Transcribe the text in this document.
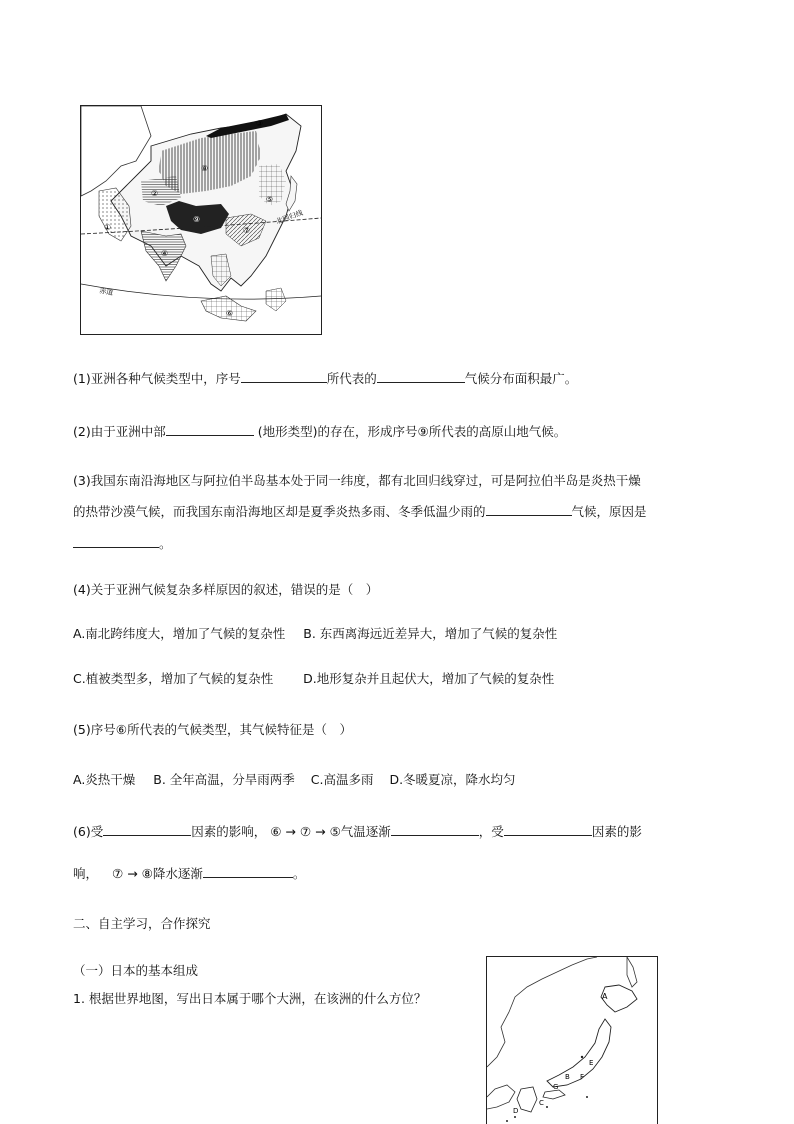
①
②
③
④
⑤
⑥
⑦
⑧
⑨	北回归线
赤道
(1)亚洲各种气候类型中，序号	所代表的	气候分布面积最广。
(2)由于亚洲中部	(地形类型)的存在，形成序号⑨所代表的高原山地气候。
(3)我国东南沿海地区与阿拉伯半岛基本处于同一纬度，都有北回归线穿过，可是阿拉伯半岛是炎热干燥
的热带沙漠气候，而我国东南沿海地区却是夏季炎热多雨、冬季低温少雨的	气候，原因是
。
(4)关于亚洲气候复杂多样原因的叙述，错误的是（　）
A.南北跨纬度大，增加了气候的复杂性 B. 东西离海远近差异大，增加了气候的复杂性
C.植被类型多，增加了气候的复杂性 D.地形复杂并且起伏大，增加了气候的复杂性
(5)序号⑥所代表的气候类型，其气候特征是（　）
A.炎热干燥 B. 全年高温，分旱雨两季 C.高温多雨 D.冬暖夏凉，降水均匀
(6)受	因素的影响， ⑥ → ⑦ → ⑤气温逐渐	，受	因素的影
响， ⑦ → ⑧降水逐渐	。
二、自主学习，合作探究
（一）日本的基本组成
1. 根据世界地图，写出日本属于哪个大洲，在该洲的什么方位？	A
B
C
D
E
F
G
